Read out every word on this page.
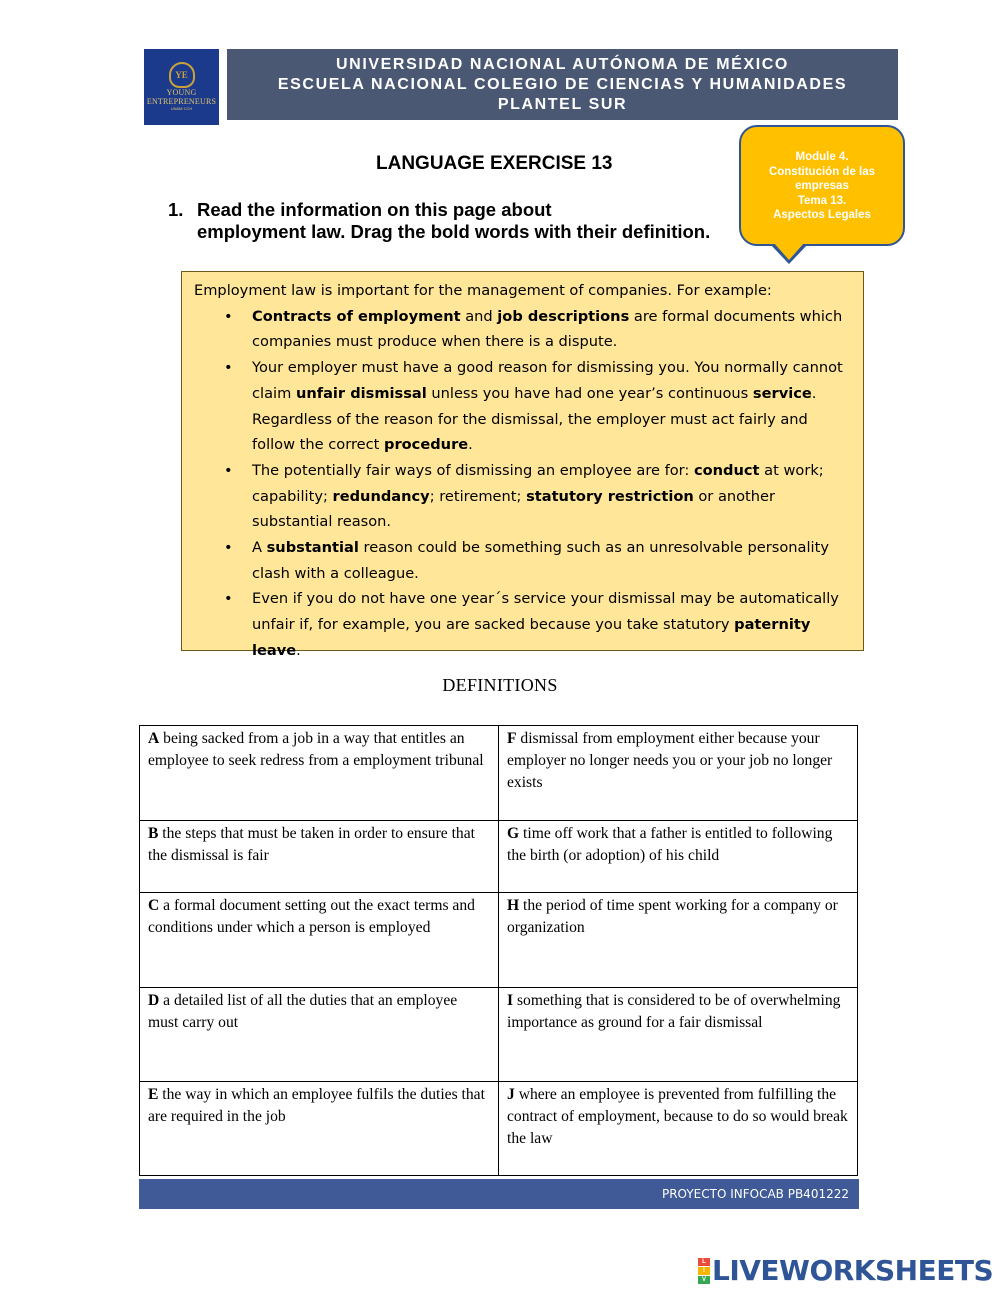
YE
YOUNG
ENTREPRENEURS
UNAM CCH
UNIVERSIDAD NACIONAL AUTÓNOMA DE MÉXICO
ESCUELA NACIONAL COLEGIO DE CIENCIAS Y HUMANIDADES
PLANTEL SUR
Module 4.
Constitución de las
empresas
Tema 13.
Aspectos Legales
LANGUAGE EXERCISE 13
1. Read the information on this page about
employment law. Drag the bold words with their definition.

Employment law is important for the management of companies. For example:

• Contracts of employment and job descriptions are formal documents which companies must produce when there is a dispute.
• Your employer must have a good reason for dismissing you. You normally cannot claim unfair dismissal unless you have had one year’s continuous service. Regardless of the reason for the dismissal, the employer must act fairly and follow the correct procedure.
• The potentially fair ways of dismissing an employee are for: conduct at work; capability; redundancy; retirement; statutory restriction or another substantial reason.
• A substantial reason could be something such as an unresolvable personality clash with a colleague.
• Even if you do not have one year´s service your dismissal may be automatically unfair if, for example, you are sacked because you take statutory paternity leave.
DEFINITIONS
A being sacked from a job in a way that entitles an employee to seek redress from a employment tribunal	F dismissal from employment either because your employer no longer needs you or your job no longer exists
B the steps that must be taken in order to ensure that the dismissal is fair	G time off work that a father is entitled to following the birth (or adoption) of his child
C a formal document setting out the exact terms and conditions under which a person is employed	H the period of time spent working for a company or organization
D a detailed list of all the duties that an employee must carry out	I something that is considered to be of overwhelming importance as ground for a fair dismissal
E the way in which an employee fulfils the duties that are required in the job	J where an employee is prevented from fulfilling the contract of employment, because to do so would break the law
PROYECTO INFOCAB PB401222
L
I
V LIVEWORKSHEETS
